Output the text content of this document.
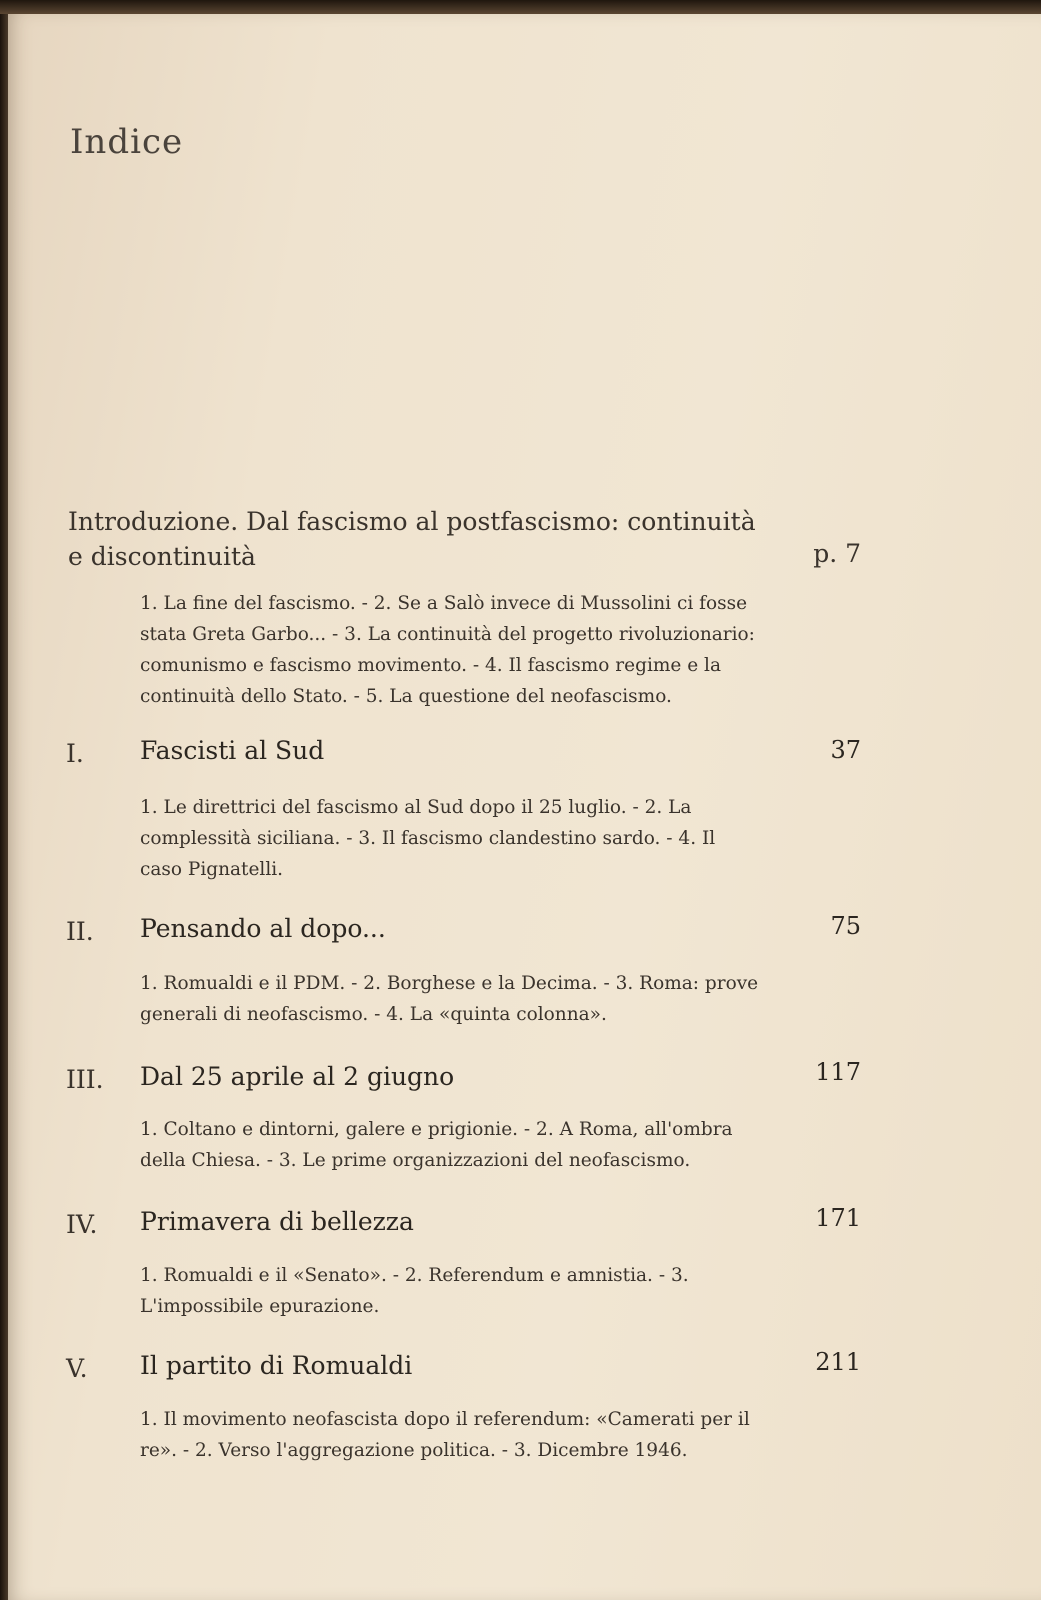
Indice
Introduzione. Dal fascismo al postfascismo: continuità e discontinuità	p. 7
1. La fine del fascismo. - 2. Se a Salò invece di Mussolini ci fosse stata Greta Garbo... - 3. La continuità del progetto rivoluzionario: comunismo e fascismo movimento. - 4. Il fascismo regime e la continuità dello Stato. - 5. La questione del neofascismo.
I. Fascisti al Sud	37
1. Le direttrici del fascismo al Sud dopo il 25 luglio. - 2. La complessità siciliana. - 3. Il fascismo clandestino sardo. - 4. Il caso Pignatelli.
II. Pensando al dopo...	75
1. Romualdi e il PDM. - 2. Borghese e la Decima. - 3. Roma: prove generali di neofascismo. - 4. La «quinta colonna».
III. Dal 25 aprile al 2 giugno	117
1. Coltano e dintorni, galere e prigionie. - 2. A Roma, all'ombra della Chiesa. - 3. Le prime organizzazioni del neofascismo.
IV. Primavera di bellezza	171
1. Romualdi e il «Senato». - 2. Referendum e amnistia. - 3. L'impossibile epurazione.
V. Il partito di Romualdi	211
1. Il movimento neofascista dopo il referendum: «Camerati per il re». - 2. Verso l'aggregazione politica. - 3. Dicembre 1946.
